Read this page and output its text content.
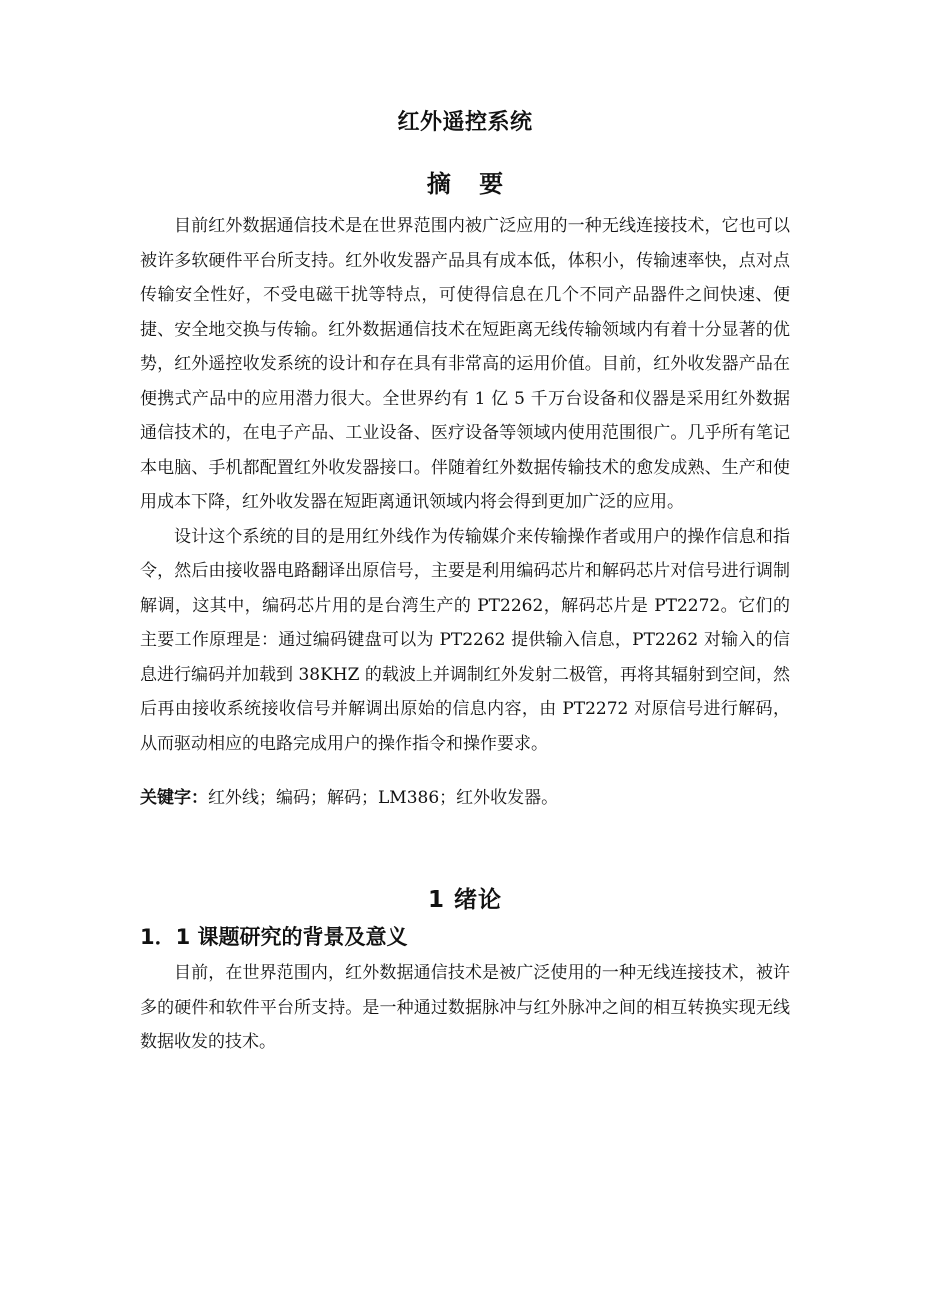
红外遥控系统
摘 要

目前红外数据通信技术是在世界范围内被广泛应用的一种无线连接技术，它也可以被许多软硬件平台所支持。红外收发器产品具有成本低，体积小，传输速率快，点对点传输安全性好，不受电磁干扰等特点，可使得信息在几个不同产品器件之间快速、便捷、安全地交换与传输。红外数据通信技术在短距离无线传输领域内有着十分显著的优势，红外遥控收发系统的设计和存在具有非常高的运用价值。目前，红外收发器产品在便携式产品中的应用潜力很大。全世界约有 1 亿 5 千万台设备和仪器是采用红外数据通信技术的，在电子产品、工业设备、医疗设备等领域内使用范围很广。几乎所有笔记本电脑、手机都配置红外收发器接口。伴随着红外数据传输技术的愈发成熟、生产和使用成本下降，红外收发器在短距离通讯领域内将会得到更加广泛的应用。

设计这个系统的目的是用红外线作为传输媒介来传输操作者或用户的操作信息和指令，然后由接收器电路翻译出原信号，主要是利用编码芯片和解码芯片对信号进行调制解调，这其中，编码芯片用的是台湾生产的 PT2262，解码芯片是 PT2272。它们的主要工作原理是：通过编码键盘可以为 PT2262 提供输入信息，PT2262 对输入的信息进行编码并加载到 38KHZ 的载波上并调制红外发射二极管，再将其辐射到空间，然后再由接收系统接收信号并解调出原始的信息内容，由 PT2272 对原信号进行解码，从而驱动相应的电路完成用户的操作指令和操作要求。

关键字：红外线；编码；解码；LM386；红外收发器。
1 绪论
1．1 课题研究的背景及意义

目前，在世界范围内，红外数据通信技术是被广泛使用的一种无线连接技术，被许多的硬件和软件平台所支持。是一种通过数据脉冲与红外脉冲之间的相互转换实现无线数据收发的技术。
